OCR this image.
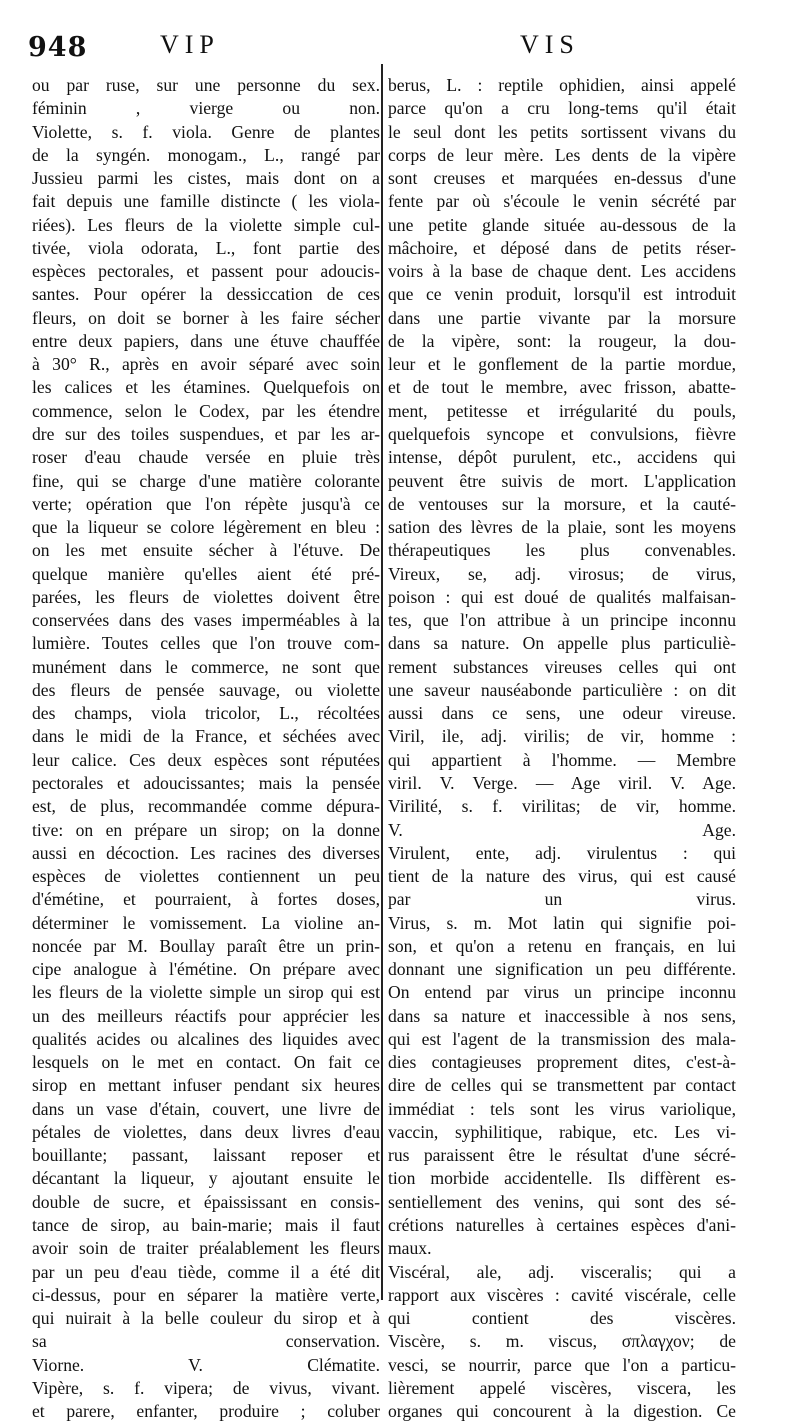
948	VIP	VIS
ou par ruse, sur une personne du sex.
féminin , vierge ou non.
Violette, s. f. viola. Genre de plantes
de la syngén. monogam., L., rangé par
Jussieu parmi les cistes, mais dont on a
fait depuis une famille distincte ( les viola-
riées). Les fleurs de la violette simple cul-
tivée, viola odorata, L., font partie des
espèces pectorales, et passent pour adoucis-
santes. Pour opérer la dessiccation de ces
fleurs, on doit se borner à les faire sécher
entre deux papiers, dans une étuve chauffée
à 30° R., après en avoir séparé avec soin
les calices et les étamines. Quelquefois on
commence, selon le Codex, par les étendre
dre sur des toiles suspendues, et par les ar-
roser d'eau chaude versée en pluie très
fine, qui se charge d'une matière colorante
verte; opération que l'on répète jusqu'à ce
que la liqueur se colore légèrement en bleu :
on les met ensuite sécher à l'étuve. De
quelque manière qu'elles aient été pré-
parées, les fleurs de violettes doivent être
conservées dans des vases imperméables à la
lumière. Toutes celles que l'on trouve com-
munément dans le commerce, ne sont que
des fleurs de pensée sauvage, ou violette
des champs, viola tricolor, L., récoltées
dans le midi de la France, et séchées avec
leur calice. Ces deux espèces sont réputées
pectorales et adoucissantes; mais la pensée
est, de plus, recommandée comme dépura-
tive: on en prépare un sirop; on la donne
aussi en décoction. Les racines des diverses
espèces de violettes contiennent un peu
d'émétine, et pourraient, à fortes doses,
déterminer le vomissement. La violine an-
noncée par M. Boullay paraît être un prin-
cipe analogue à l'émétine. On prépare avec
les fleurs de la violette simple un sirop qui est
un des meilleurs réactifs pour apprécier les
qualités acides ou alcalines des liquides avec
lesquels on le met en contact. On fait ce
sirop en mettant infuser pendant six heures
dans un vase d'étain, couvert, une livre de
pétales de violettes, dans deux livres d'eau
bouillante; passant, laissant reposer et
décantant la liqueur, y ajoutant ensuite le
double de sucre, et épaississant en consis-
tance de sirop, au bain-marie; mais il faut
avoir soin de traiter préalablement les fleurs
par un peu d'eau tiède, comme il a été dit
ci-dessus, pour en séparer la matière verte,
qui nuirait à la belle couleur du sirop et à
sa conservation.
Viorne. V. Clématite.
Vipère, s. f. vipera; de vivus, vivant.
et parere, enfanter, produire ; coluber
berus, L. : reptile ophidien, ainsi appelé
parce qu'on a cru long-tems qu'il était
le seul dont les petits sortissent vivans du
corps de leur mère. Les dents de la vipère
sont creuses et marquées en-dessus d'une
fente par où s'écoule le venin sécrété par
une petite glande située au-dessous de la
mâchoire, et déposé dans de petits réser-
voirs à la base de chaque dent. Les accidens
que ce venin produit, lorsqu'il est introduit
dans une partie vivante par la morsure
de la vipère, sont: la rougeur, la dou-
leur et le gonflement de la partie mordue,
et de tout le membre, avec frisson, abatte-
ment, petitesse et irrégularité du pouls,
quelquefois syncope et convulsions, fièvre
intense, dépôt purulent, etc., accidens qui
peuvent être suivis de mort. L'application
de ventouses sur la morsure, et la cauté-
sation des lèvres de la plaie, sont les moyens
thérapeutiques les plus convenables.
Vireux, se, adj. virosus; de virus,
poison : qui est doué de qualités malfaisan-
tes, que l'on attribue à un principe inconnu
dans sa nature. On appelle plus particuliè-
rement substances vireuses celles qui ont
une saveur nauséabonde particulière : on dit
aussi dans ce sens, une odeur vireuse.
Viril, ile, adj. virilis; de vir, homme :
qui appartient à l'homme. — Membre
viril. V. Verge. — Age viril. V. Age.
Virilité, s. f. virilitas; de vir, homme.
V. Age.
Virulent, ente, adj. virulentus : qui
tient de la nature des virus, qui est causé
par un virus.
Virus, s. m. Mot latin qui signifie poi-
son, et qu'on a retenu en français, en lui
donnant une signification un peu différente.
On entend par virus un principe inconnu
dans sa nature et inaccessible à nos sens,
qui est l'agent de la transmission des mala-
dies contagieuses proprement dites, c'est-à-
dire de celles qui se transmettent par contact
immédiat : tels sont les virus variolique,
vaccin, syphilitique, rabique, etc. Les vi-
rus paraissent être le résultat d'une sécré-
tion morbide accidentelle. Ils diffèrent es-
sentiellement des venins, qui sont des sé-
crétions naturelles à certaines espèces d'ani-
maux.
Viscéral, ale, adj. visceralis; qui a
rapport aux viscères : cavité viscérale, celle
qui contient des viscères.
Viscère, s. m. viscus, σπλαγχον; de
vesci, se nourrir, parce que l'on a particu-
lièrement appelé viscères, viscera, les
organes qui concourent à la digestion. Ce
